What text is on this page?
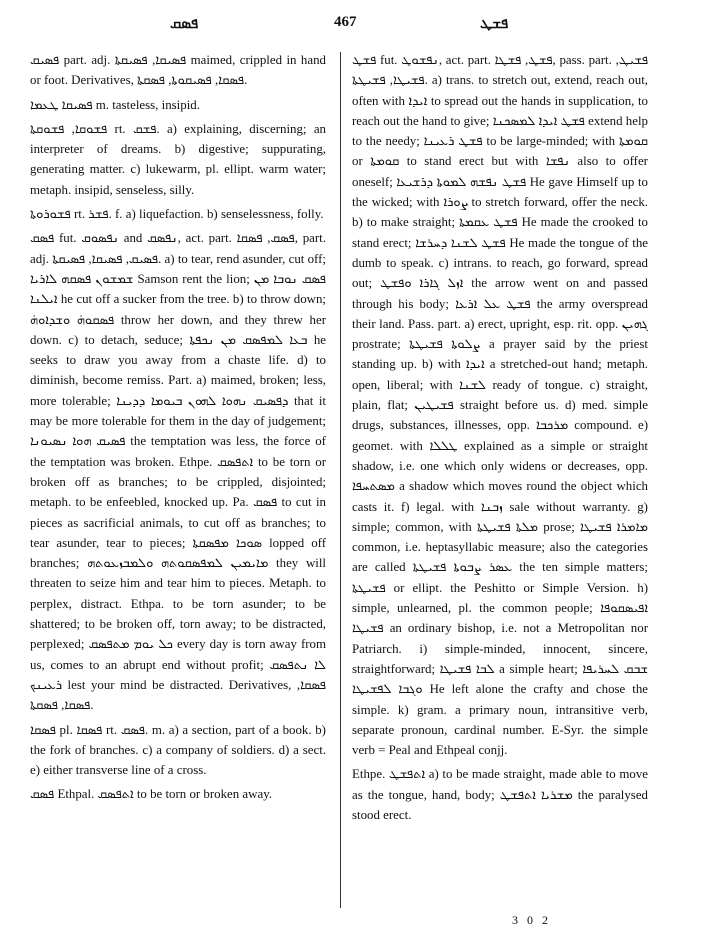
ܦܣܩ	467	ܦܫܛ

ܦܣܝܩ part. adj. ܦܣܝܩܐ, ܦܣܝܩܬܐ maimed, crippled in hand or foot. Derivatives, ܦܣܩܐ, ܦܣܝܩܘܬܐ, ܦܣܩܬܐ.

ܦܣܝܩܐ ܛܥܡܐ m. tasteless, insipid.

ܦܫܘܩܐ, ܦܫܘܩܬܐ rt. ܦܫܩ. a) explaining, discerning; an interpreter of dreams. b) digestive; suppurating, generating matter. c) lukewarm, pl. ellipt. warm water; metaph. insipid, senseless, silly.

ܦܫܘܪܘܬܐ rt. ܦܫܪ. f. a) liquefaction. b) senselessness, folly.

ܦܣܩ fut. ܢܦܣܘܩ and ܢܦܣܩ, act. part. ܦܣܩ, ܦܣܩܐ, part. adj. ܦܣܝܩ, ܦܣܝܩܐ, ܦܣܝܩܬܐ. a) to tear, rend asunder, cut off; ܫܡܫܘܢ ܦܣܩܗ ܠܐܪܝܐ Samson rent the lion; ܦܣܩ ܢܘܒܐ ܡܢ ܐܝܠܢܐ he cut off a sucker from the tree. b) to throw down; ܦܣܩܘܗ̇ ܘܫܕܐܘܗ̇ throw her down, and they threw her down. c) to detach, seduce; ܒܥܐ ܠܡܦܣܩ ܡܢ ܢܟܦܬܐ he seeks to draw you away from a chaste life. d) to diminish, become remiss. Part. a) maimed, broken; less, more tolerable; ܕܦܣܝܩ ܢܗܘܐ ܠܗܘܢ ܒܝܘܡܐ ܕܕܝܢܐ that it may be more tolerable for them in the day of judgement; ܦܣܝܩ ܗܘܐ ܢܣܝܘܢܐ the temptation was less, the force of the temptation was broken. Ethpe. ܐܬܦܣܩ to be torn or broken off as branches; to be crippled, disjointed; metaph. to be enfeebled, knocked up. Pa. ܦܣܩ to cut in pieces as sacrificial animals, to cut off as branches; to tear asunder, tear to pieces; ܣܘܟܐ ܡܦܣܩܬܐ lopped off branches; ܡܐܝܡܝܢ ܠܡܦܣܩܘܬܗ ܘܠܡܒܙܥܘܬܗ they will threaten to seize him and tear him to pieces. Metaph. to perplex, distract. Ethpa. to be torn asunder; to be shattered; to be broken off, torn away; to be distracted, perplexed; ܟܠ ܝܘܡ ܡܬܦܣܩ every day is torn away from us, comes to an abrupt end without profit; ܠܐ ܢܬܦܣܩ ܪܥܝܢܟ lest your mind be distracted. Derivatives, ܦܣܩܐ, ܦܣܩܐ, ܦܣܩܬܐ.

ܦܣܩܐ pl. ܦܣܩܐ rt. ܦܣܩ. m. a) a section, part of a book. b) the fork of branches. c) a company of soldiers. d) a sect. e) either transverse line of a cross.

ܦܣܩ Ethpal. ܐܬܦܣܩ to be torn or broken away.

ܦܫܛ fut. ܢܦܫܘܛ, act. part. ܦܫܛ, ܦܫܛܐ, pass. part. ܦܫܝܛ, ܦܫܝܛܐ, ܦܫܝܛܬܐ. a) trans. to stretch out, extend, reach out, often with ܐܝܕܐ to spread out the hands in supplication, to reach out the hand to give; ܦܫܛ ܐܝܕܐ ܠܡܣܟܢܐ extend help to the needy; ܦܫܛ ܪܥܝܢܐ to be large-minded; with ܩܘܡܬܐ or ܩܘܡܬܐ to stand erect but with ܢܦܫܐ also to offer oneself; ܦܫܛ ܢܦܫܗ ܠܡܘܬܐ ܕܪܫܝܥܐ He gave Himself up to the wicked; with ܨܘܪܐ to stretch forward, offer the neck. b) to make straight; ܦܫܛ ܥܩܡܬܐ He made the crooked to stand erect; ܦܫܛ ܠܫܢܐ ܕܚܪܫܐ He made the tongue of the dumb to speak. c) intrans. to reach, go forward, spread out; ܐܙܠ ܓܐܪܐ ܘܦܫܛ the arrow went on and passed through his body; ܦܫܛ ܥܠ ܐܪܥܐ the army overspread their land. Pass. part. a) erect, upright, esp. rit. opp. ܓܗܝܢ prostrate; ܨܠܘܬܐ ܦܫܝܛܬܐ a prayer said by the priest standing up. b) with ܐܝܕܐ a stretched-out hand; metaph. open, liberal; with ܠܫܢܐ ready of tongue. c) straight, plain, flat; ܦܫܝܛܝܢ straight before us. d) med. simple drugs, substances, illnesses, opp. ܡܪܟܒܐ compound. e) geomet. with ܛܠܠܐ explained as a simple or straight shadow, i.e. one which only widens or decreases, opp. ܡܣܬܚܦܐ a shadow which moves round the object which casts it. f) legal. with ܙܒܢܐ sale without warranty. g) simple; common, with ܡܠܬܐ ܦܫܝܛܬܐ prose; ܡܐܡܪܐ ܦܫܝܛܐ common, i.e. heptasyllabic measure; also the categories are called ܥܣܪ ܨܒܘܬܐ ܦܫܝܛܬܐ the ten simple matters; ܦܫܝܛܬܐ or ellipt. the Peshitto or Simple Version. h) simple, unlearned, pl. the common people; ܐܦܝܣܩܘܦܐ ܦܫܝܛܐ an ordinary bishop, i.e. not a Metropolitan nor Patriarch. i) simple-minded, innocent, sincere, straightforward; ܠܒܐ ܦܫܝܛܐ a simple heart; ܫܒܩ ܠܚܪܝܦܐ ܘܓܒܐ ܠܦܫܝܛܐ He left alone the crafty and chose the simple. k) gram. a primary noun, intransitive verb, separate pronoun, cardinal number. E-Syr. the simple verb = Peal and Ethpeal conjj.

Ethpe. ܐܬܦܫܛ a) to be made straight, made able to move as the tongue, hand, body; ܡܫܪܝܐ ܐܬܦܫܛ the paralysed stood erect.

3 0 2
